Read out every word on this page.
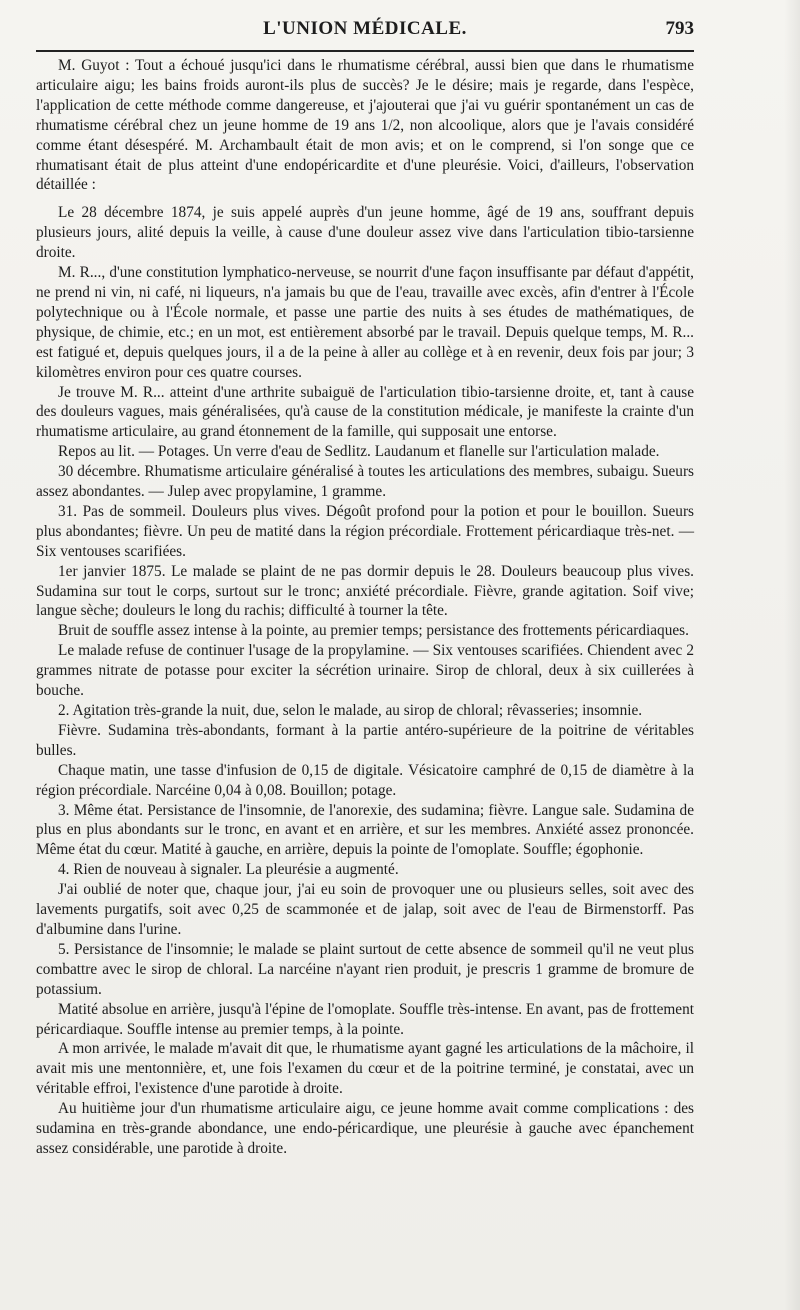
L'UNION MÉDICALE.	793

M. Guyot : Tout a échoué jusqu'ici dans le rhumatisme cérébral, aussi bien que dans le rhumatisme articulaire aigu; les bains froids auront-ils plus de succès? Je le désire; mais je regarde, dans l'espèce, l'application de cette méthode comme dangereuse, et j'ajouterai que j'ai vu guérir spontanément un cas de rhumatisme cérébral chez un jeune homme de 19 ans 1/2, non alcoolique, alors que je l'avais considéré comme étant désespéré. M. Archambault était de mon avis; et on le comprend, si l'on songe que ce rhumatisant était de plus atteint d'une endopéricardite et d'une pleurésie. Voici, d'ailleurs, l'observation détaillée :

Le 28 décembre 1874, je suis appelé auprès d'un jeune homme, âgé de 19 ans, souffrant depuis plusieurs jours, alité depuis la veille, à cause d'une douleur assez vive dans l'articulation tibio-tarsienne droite.

M. R..., d'une constitution lymphatico-nerveuse, se nourrit d'une façon insuffisante par défaut d'appétit, ne prend ni vin, ni café, ni liqueurs, n'a jamais bu que de l'eau, travaille avec excès, afin d'entrer à l'École polytechnique ou à l'École normale, et passe une partie des nuits à ses études de mathématiques, de physique, de chimie, etc.; en un mot, est entièrement absorbé par le travail. Depuis quelque temps, M. R... est fatigué et, depuis quelques jours, il a de la peine à aller au collège et à en revenir, deux fois par jour; 3 kilomètres environ pour ces quatre courses.

Je trouve M. R... atteint d'une arthrite subaiguë de l'articulation tibio-tarsienne droite, et, tant à cause des douleurs vagues, mais généralisées, qu'à cause de la constitution médicale, je manifeste la crainte d'un rhumatisme articulaire, au grand étonnement de la famille, qui supposait une entorse.

Repos au lit. — Potages. Un verre d'eau de Sedlitz. Laudanum et flanelle sur l'articulation malade.

30 décembre. Rhumatisme articulaire généralisé à toutes les articulations des membres, subaigu. Sueurs assez abondantes. — Julep avec propylamine, 1 gramme.

31. Pas de sommeil. Douleurs plus vives. Dégoût profond pour la potion et pour le bouillon. Sueurs plus abondantes; fièvre. Un peu de matité dans la région précordiale. Frottement péricardiaque très-net. — Six ventouses scarifiées.

1er janvier 1875. Le malade se plaint de ne pas dormir depuis le 28. Douleurs beaucoup plus vives. Sudamina sur tout le corps, surtout sur le tronc; anxiété précordiale. Fièvre, grande agitation. Soif vive; langue sèche; douleurs le long du rachis; difficulté à tourner la tête.

Bruit de souffle assez intense à la pointe, au premier temps; persistance des frottements péricardiaques.

Le malade refuse de continuer l'usage de la propylamine. — Six ventouses scarifiées. Chiendent avec 2 grammes nitrate de potasse pour exciter la sécrétion urinaire. Sirop de chloral, deux à six cuillerées à bouche.

2. Agitation très-grande la nuit, due, selon le malade, au sirop de chloral; rêvasseries; insomnie.

Fièvre. Sudamina très-abondants, formant à la partie antéro-supérieure de la poitrine de véritables bulles.

Chaque matin, une tasse d'infusion de 0,15 de digitale. Vésicatoire camphré de 0,15 de diamètre à la région précordiale. Narcéine 0,04 à 0,08. Bouillon; potage.

3. Même état. Persistance de l'insomnie, de l'anorexie, des sudamina; fièvre. Langue sale. Sudamina de plus en plus abondants sur le tronc, en avant et en arrière, et sur les membres. Anxiété assez prononcée. Même état du cœur. Matité à gauche, en arrière, depuis la pointe de l'omoplate. Souffle; égophonie.

4. Rien de nouveau à signaler. La pleurésie a augmenté.

J'ai oublié de noter que, chaque jour, j'ai eu soin de provoquer une ou plusieurs selles, soit avec des lavements purgatifs, soit avec 0,25 de scammonée et de jalap, soit avec de l'eau de Birmenstorff. Pas d'albumine dans l'urine.

5. Persistance de l'insomnie; le malade se plaint surtout de cette absence de sommeil qu'il ne veut plus combattre avec le sirop de chloral. La narcéine n'ayant rien produit, je prescris 1 gramme de bromure de potassium.

Matité absolue en arrière, jusqu'à l'épine de l'omoplate. Souffle très-intense. En avant, pas de frottement péricardiaque. Souffle intense au premier temps, à la pointe.

A mon arrivée, le malade m'avait dit que, le rhumatisme ayant gagné les articulations de la mâchoire, il avait mis une mentonnière, et, une fois l'examen du cœur et de la poitrine terminé, je constatai, avec un véritable effroi, l'existence d'une parotide à droite.

Au huitième jour d'un rhumatisme articulaire aigu, ce jeune homme avait comme complications : des sudamina en très-grande abondance, une endo-péricardique, une pleurésie à gauche avec épanchement assez considérable, une parotide à droite.
